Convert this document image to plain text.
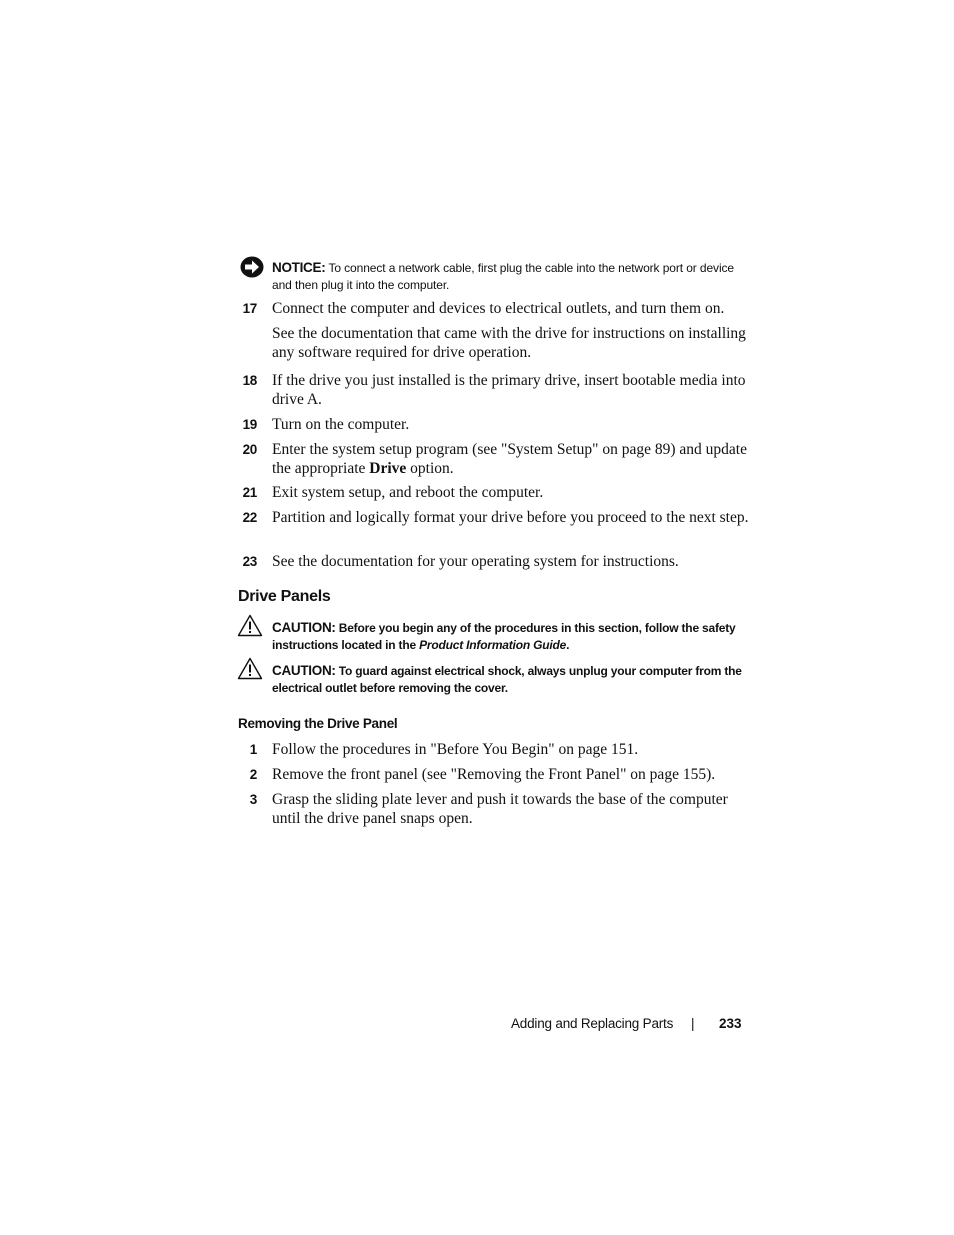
NOTICE: To connect a network cable, first plug the cable into the network port or device and then plug it into the computer.
17 Connect the computer and devices to electrical outlets, and turn them on.
See the documentation that came with the drive for instructions on installing any software required for drive operation.
18 If the drive you just installed is the primary drive, insert bootable media into drive A.
19 Turn on the computer.
20 Enter the system setup program (see "System Setup" on page 89) and update the appropriate Drive option.
21 Exit system setup, and reboot the computer.
22 Partition and logically format your drive before you proceed to the next step.
23 See the documentation for your operating system for instructions.
Drive Panels
CAUTION: Before you begin any of the procedures in this section, follow the safety instructions located in the Product Information Guide.
CAUTION: To guard against electrical shock, always unplug your computer from the electrical outlet before removing the cover.
Removing the Drive Panel
1 Follow the procedures in "Before You Begin" on page 151.
2 Remove the front panel (see "Removing the Front Panel" on page 155).
3 Grasp the sliding plate lever and push it towards the base of the computer until the drive panel snaps open.
Adding and Replacing Parts | 233
